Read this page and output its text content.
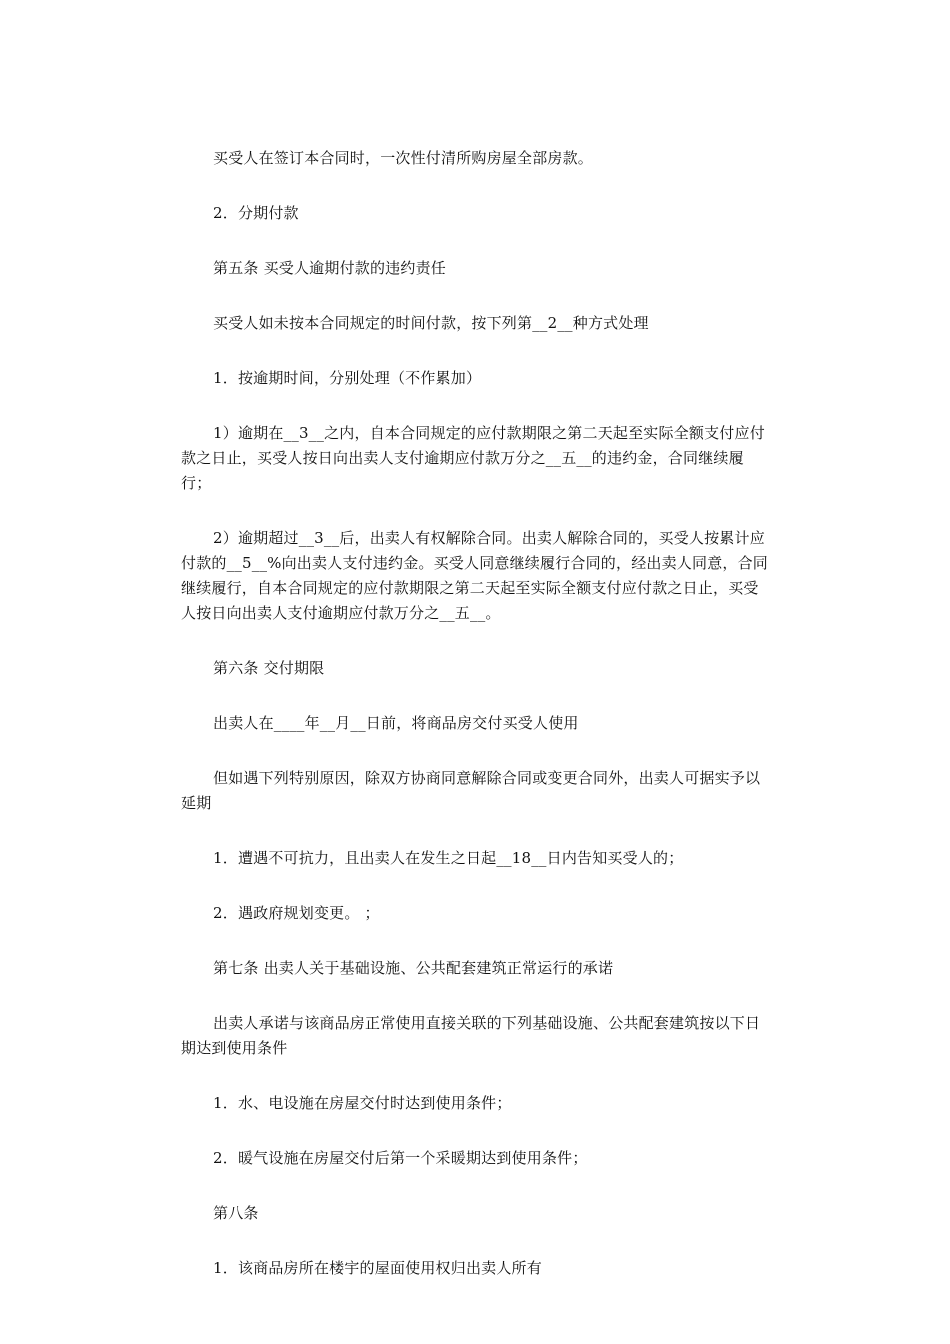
买受人在签订本合同时，一次性付清所购房屋全部房款。

2．分期付款

第五条 买受人逾期付款的违约责任

买受人如未按本合同规定的时间付款，按下列第__2__种方式处理

1．按逾期时间，分别处理（不作累加）

1）逾期在__3__之内，自本合同规定的应付款期限之第二天起至实际全额支付应付款之日止，买受人按日向出卖人支付逾期应付款万分之__五__的违约金，合同继续履行；

2）逾期超过__3__后，出卖人有权解除合同。出卖人解除合同的，买受人按累计应付款的__5__%向出卖人支付违约金。买受人同意继续履行合同的，经出卖人同意，合同继续履行，自本合同规定的应付款期限之第二天起至实际全额支付应付款之日止，买受人按日向出卖人支付逾期应付款万分之__五__。

第六条 交付期限

出卖人在____年__月__日前，将商品房交付买受人使用

但如遇下列特别原因，除双方协商同意解除合同或变更合同外，出卖人可据实予以延期

1．遭遇不可抗力，且出卖人在发生之日起__18__日内告知买受人的；

2．遇政府规划变更。 ；

第七条 出卖人关于基础设施、公共配套建筑正常运行的承诺

出卖人承诺与该商品房正常使用直接关联的下列基础设施、公共配套建筑按以下日期达到使用条件

1．水、电设施在房屋交付时达到使用条件；

2．暖气设施在房屋交付后第一个采暖期达到使用条件；

第八条

1．该商品房所在楼宇的屋面使用权归出卖人所有
